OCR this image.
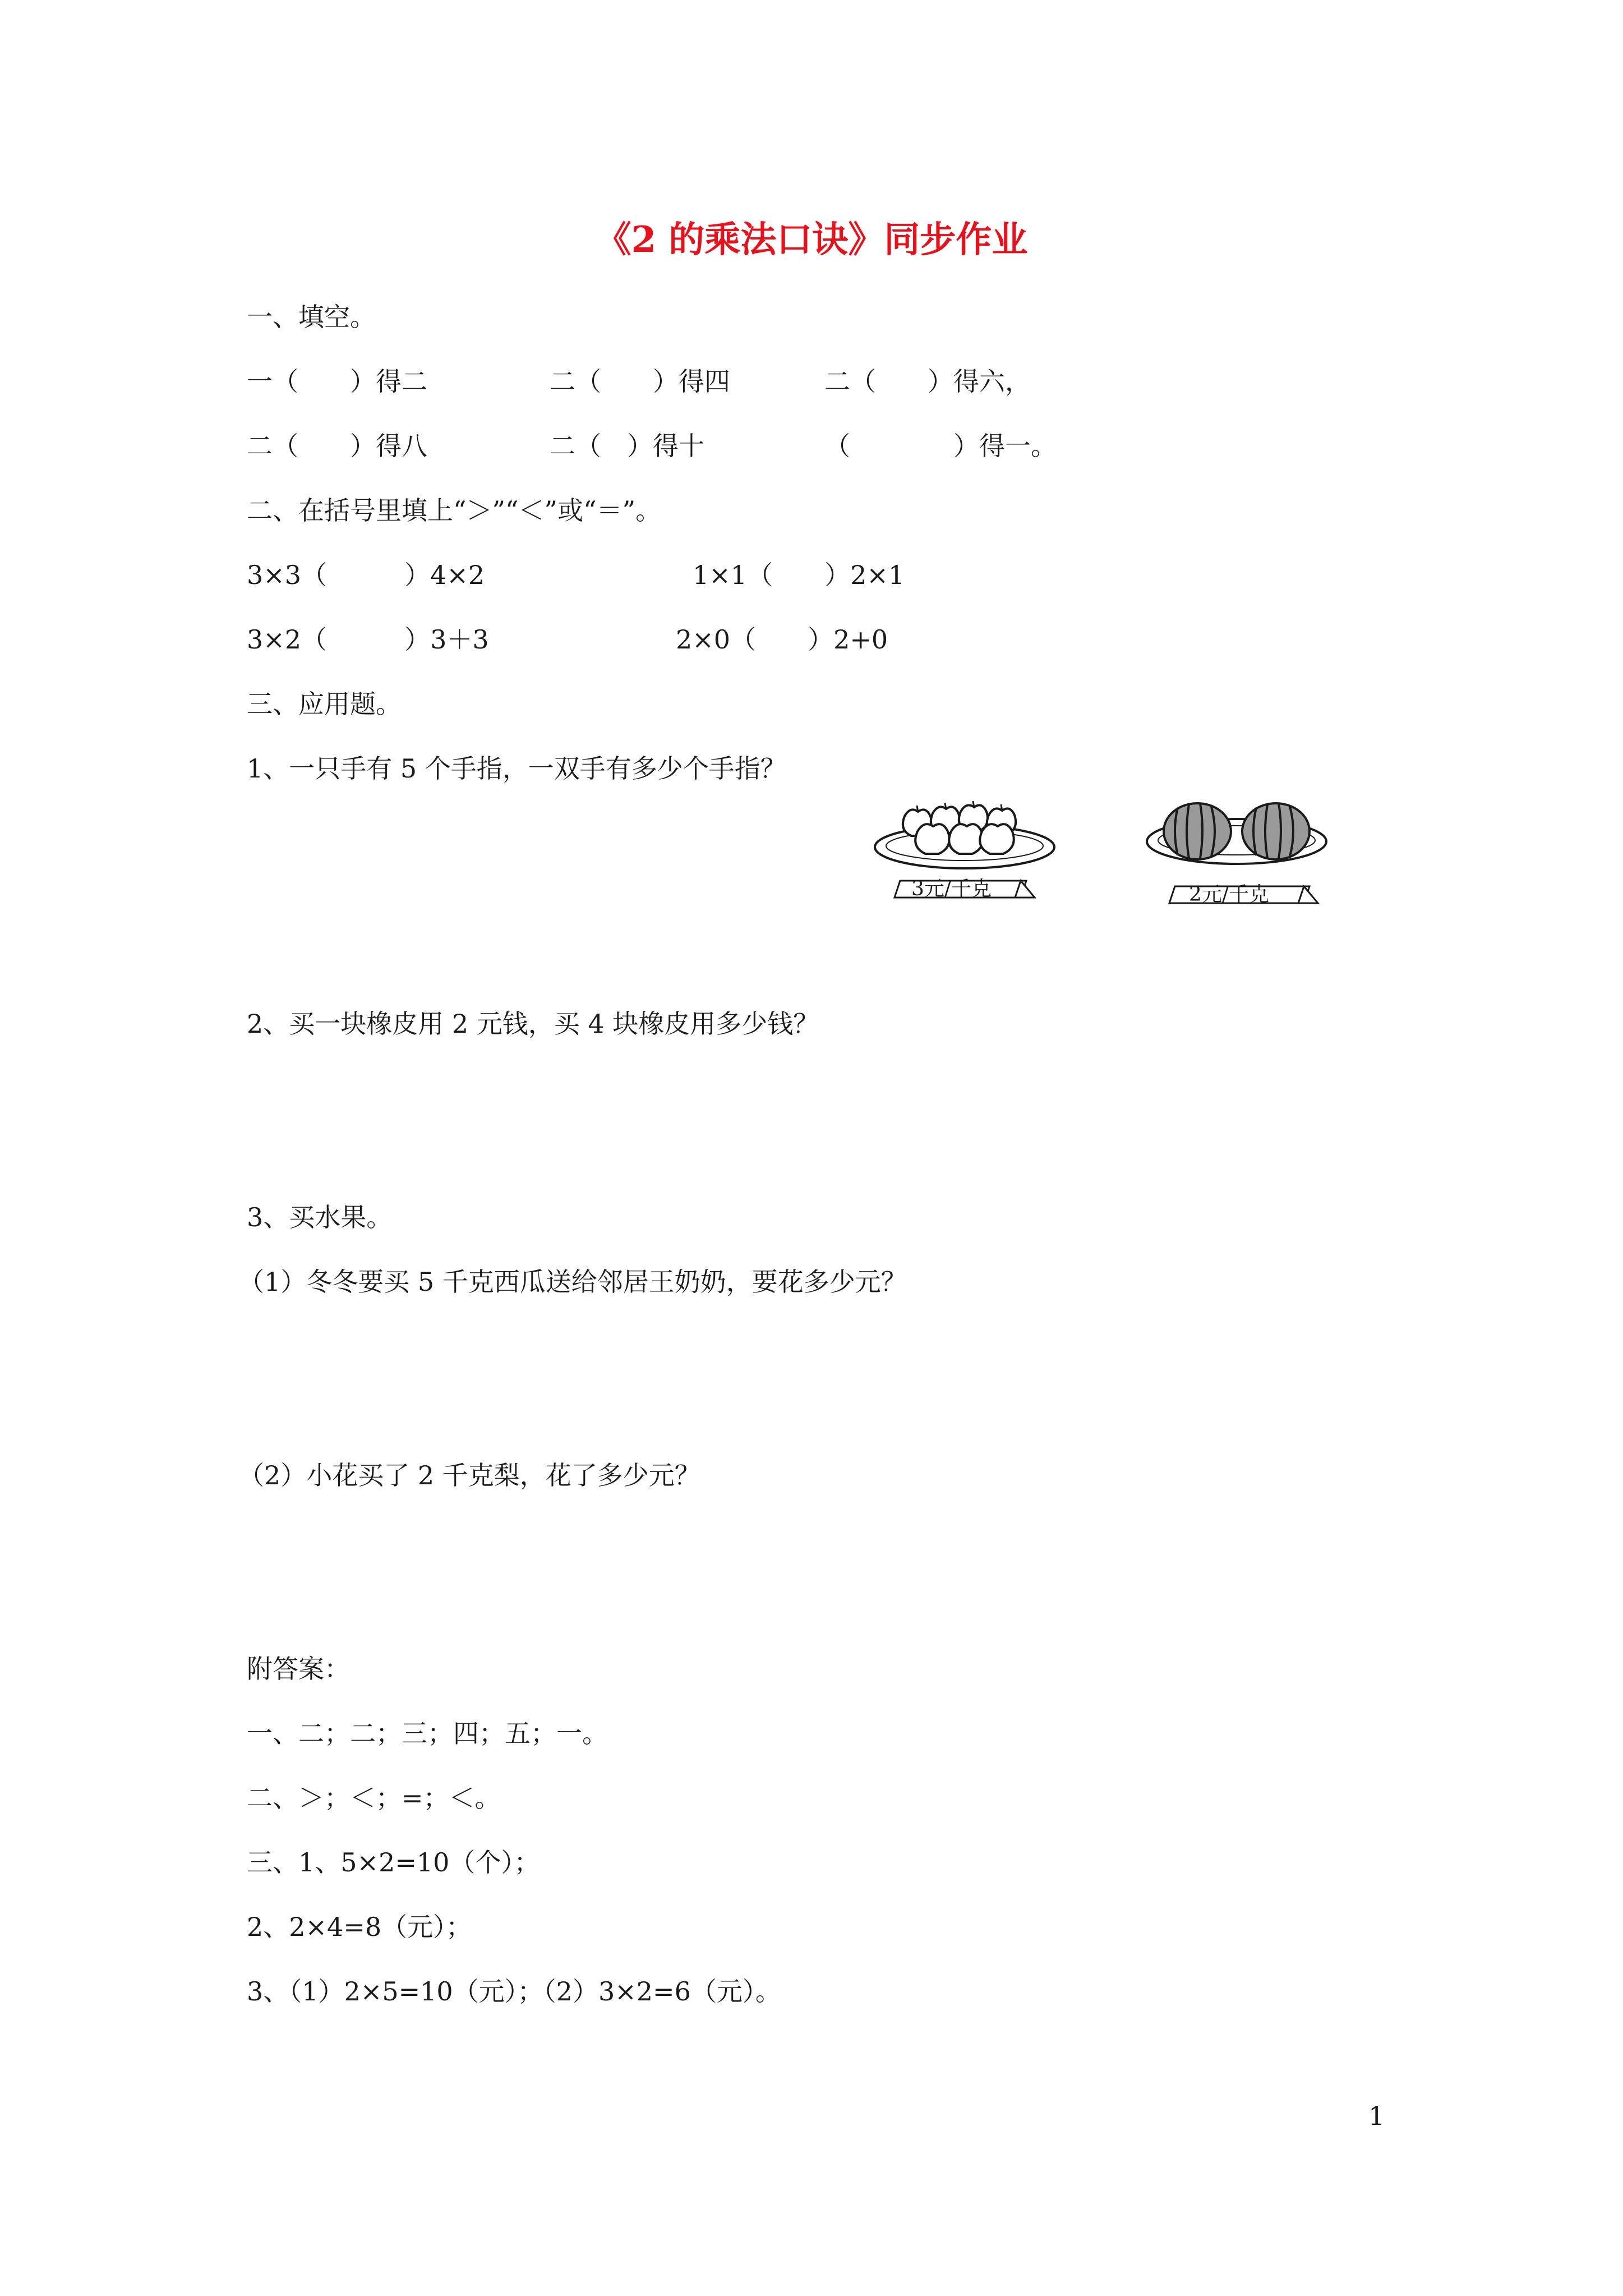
《2 的乘法口诀》同步作业
一、填空。
一（　　）得二	二（　　）得四	二（　　）得六，
二（　　）得八	二（　）得十	（　　　　）得一。
二、在括号里填上“＞”“＜”或“＝”。
3×3（　　　）4×2	1×1（　　）2×1
3×2（　　　）3＋3	2×0（　　）2+0
三、应用题。
1、一只手有 5 个手指，一双手有多少个手指？
3元/千克	2元/千克
2、买一块橡皮用 2 元钱，买 4 块橡皮用多少钱？
3、买水果。
（1）冬冬要买 5 千克西瓜送给邻居王奶奶，要花多少元？
（2）小花买了 2 千克梨，花了多少元？
附答案：
一、二；二；三；四；五；一。
二、＞；＜；=；＜。
三、1、5×2=10（个）；
2、2×4=8（元）；
3、（1）2×5=10（元）；（2）3×2=6（元）。
1
